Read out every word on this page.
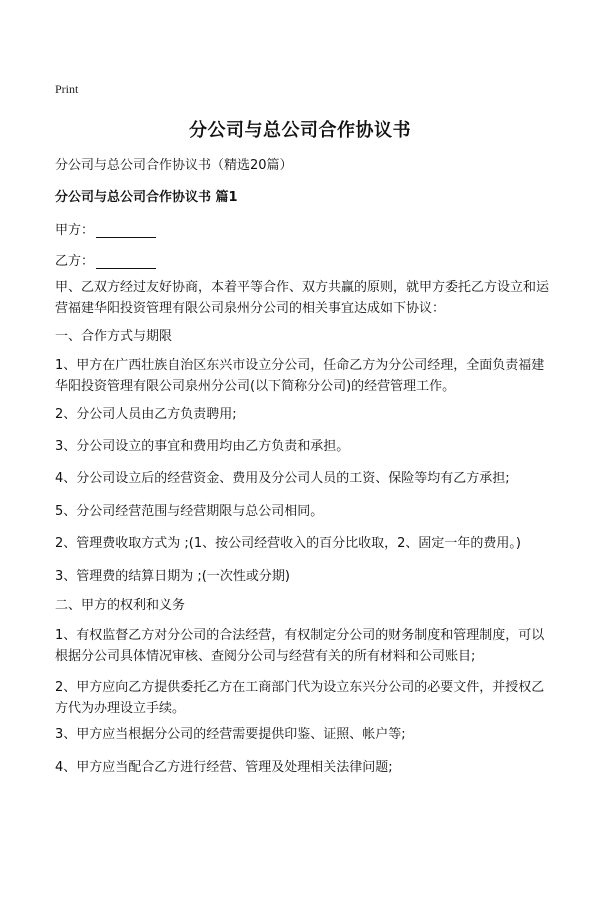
Print
分公司与总公司合作协议书
分公司与总公司合作协议书（精选20篇）
分公司与总公司合作协议书 篇1
甲方：
乙方：
甲、乙双方经过友好协商，本着平等合作、双方共赢的原则，就甲方委托乙方设立和运营福建华阳投资管理有限公司泉州分公司的相关事宜达成如下协议：
一、合作方式与期限
1、甲方在广西壮族自治区东兴市设立分公司，任命乙方为分公司经理，全面负责福建华阳投资管理有限公司泉州分公司(以下简称分公司)的经营管理工作。
2、分公司人员由乙方负责聘用;
3、分公司设立的事宜和费用均由乙方负责和承担。
4、分公司设立后的经营资金、费用及分公司人员的工资、保险等均有乙方承担;
5、分公司经营范围与经营期限与总公司相同。
2、管理费收取方式为 ;(1、按公司经营收入的百分比收取，2、固定一年的费用。)
3、管理费的结算日期为 ;(一次性或分期)
二、甲方的权利和义务
1、有权监督乙方对分公司的合法经营，有权制定分公司的财务制度和管理制度，可以根据分公司具体情况审核、查阅分公司与经营有关的所有材料和公司账目;
2、甲方应向乙方提供委托乙方在工商部门代为设立东兴分公司的必要文件，并授权乙方代为办理设立手续。
3、甲方应当根据分公司的经营需要提供印鉴、证照、帐户等;
4、甲方应当配合乙方进行经营、管理及处理相关法律问题;
